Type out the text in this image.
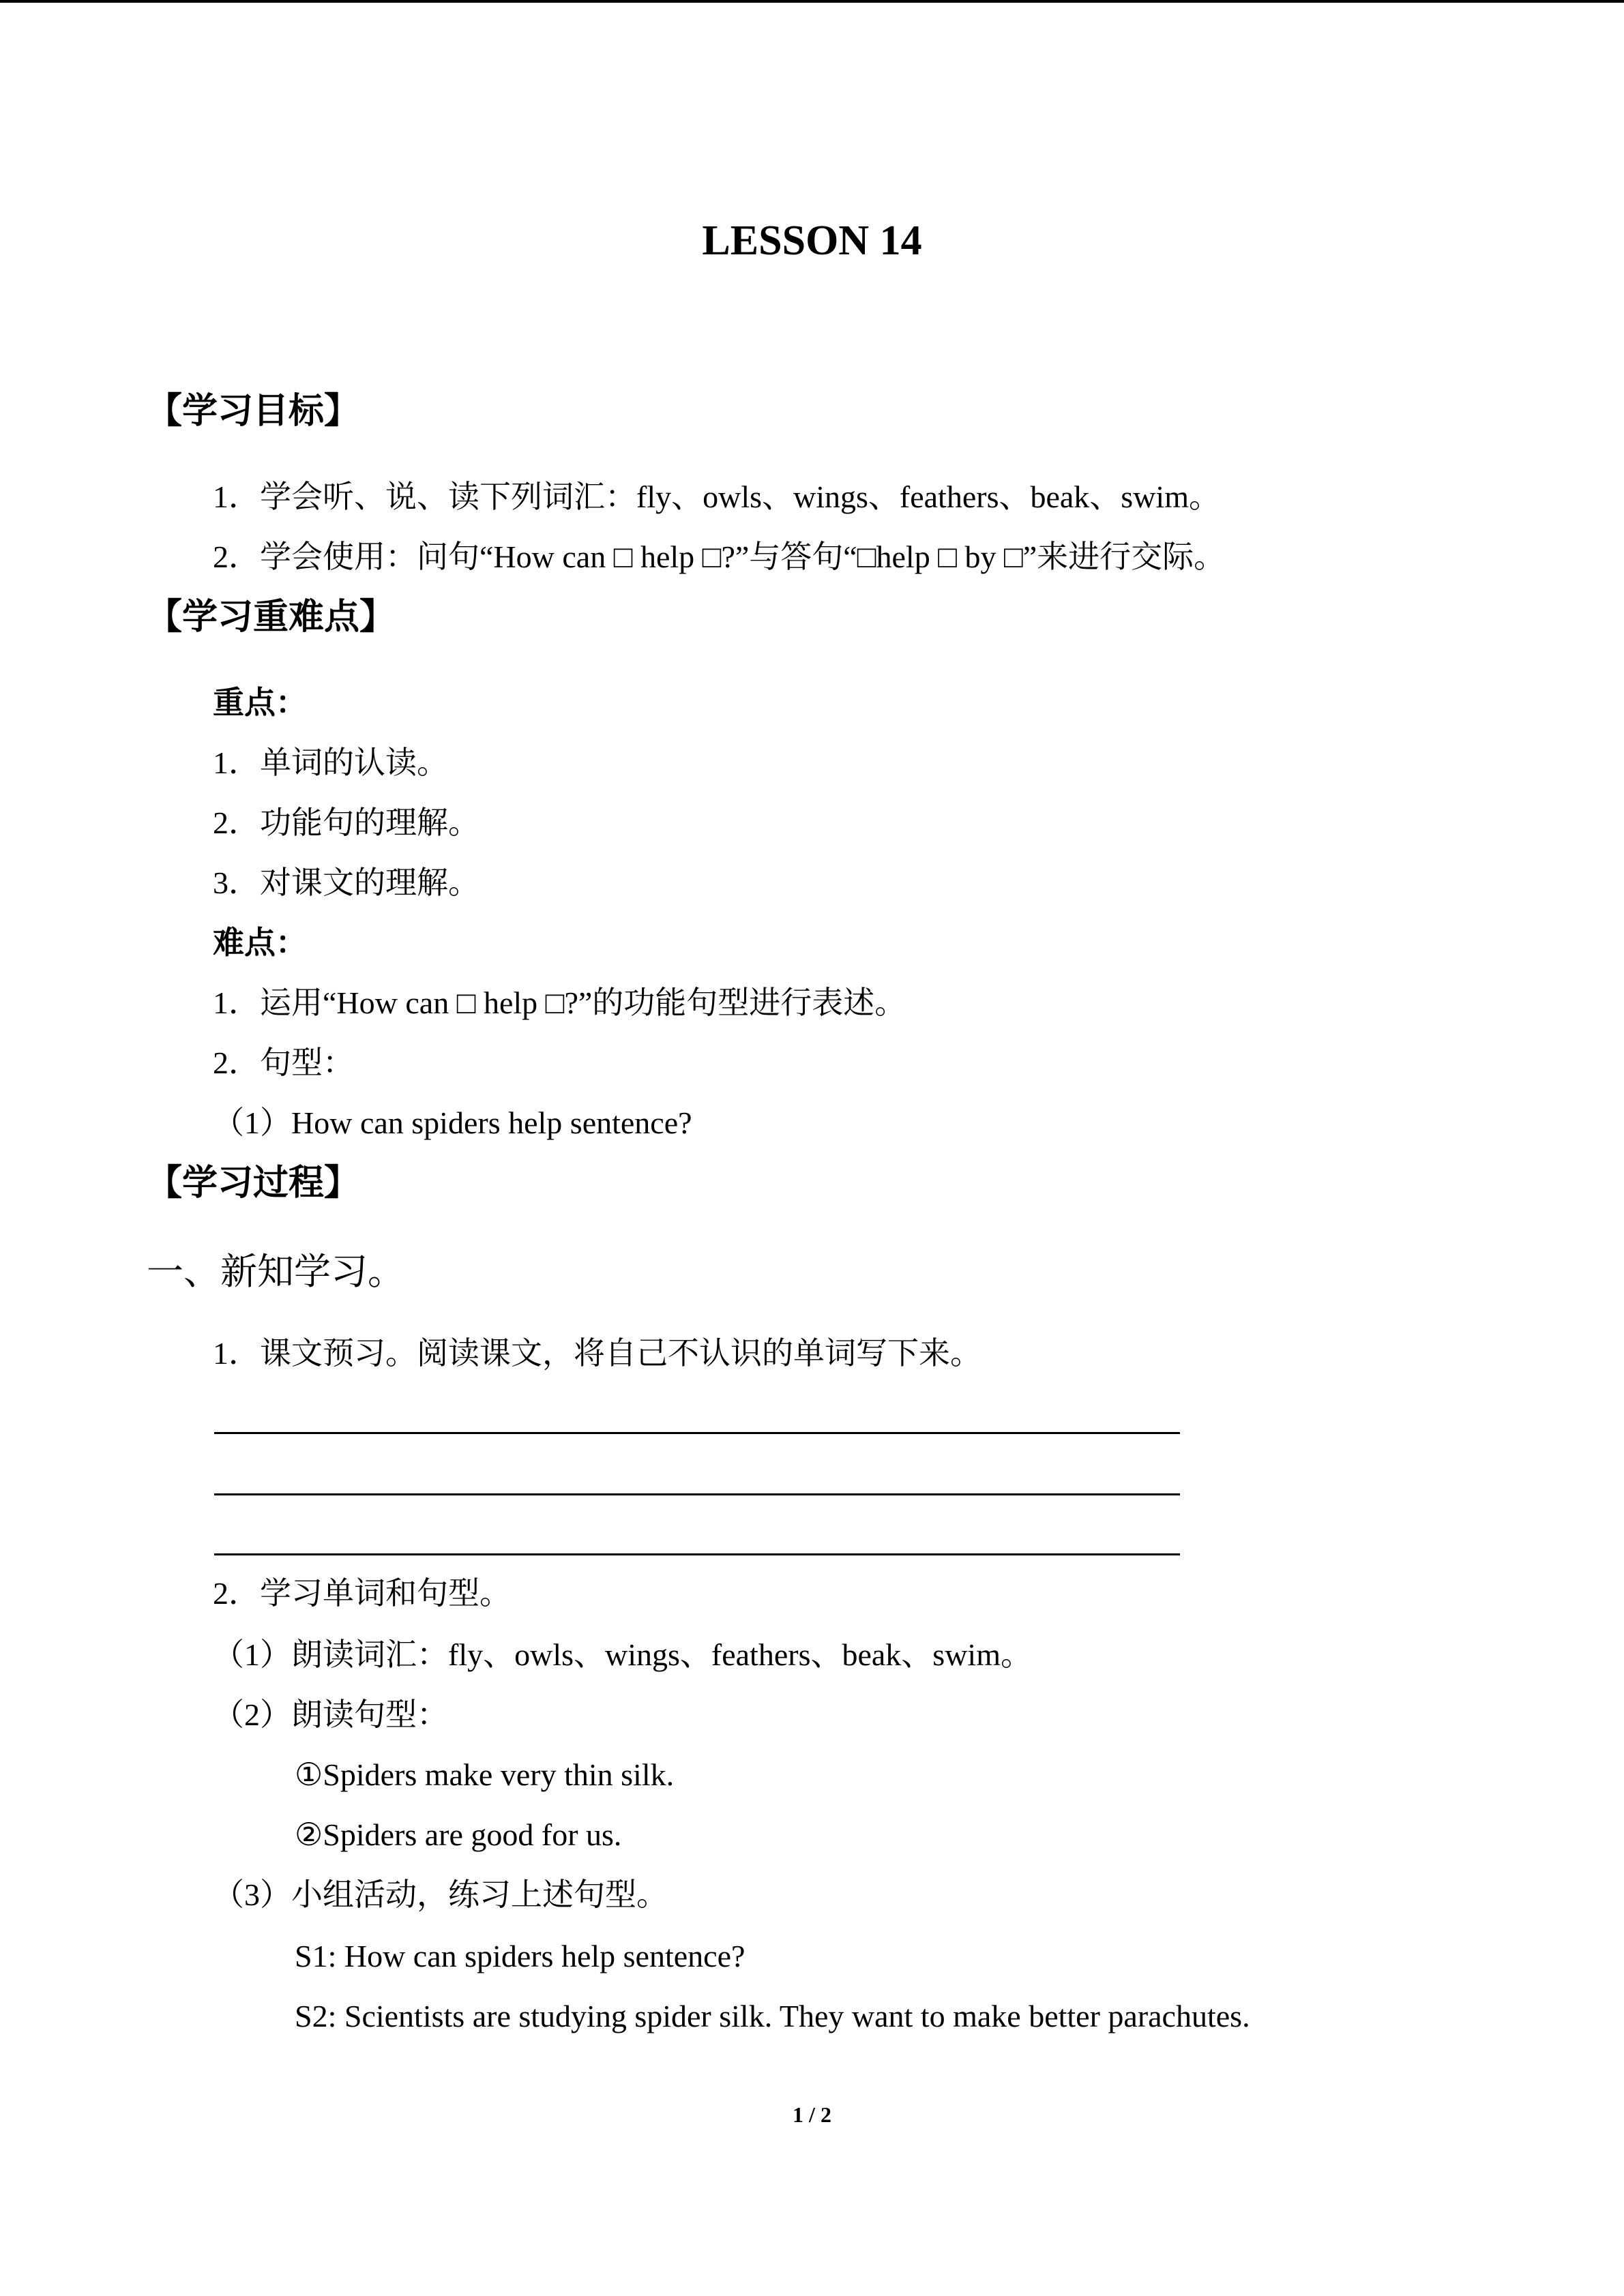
LESSON 14
【学习目标】
1．学会听、说、读下列词汇：fly、owls、wings、feathers、beak、swim。
2．学会使用：问句“How can □ help □?”与答句“□help □ by □”来进行交际。
【学习重难点】
重点：
1．单词的认读。
2．功能句的理解。
3．对课文的理解。
难点：
1．运用“How can □ help □?”的功能句型进行表述。
2．句型：
（1）How can spiders help sentence?
【学习过程】
一、新知学习。
1．课文预习。阅读课文，将自己不认识的单词写下来。
2．学习单词和句型。
（1）朗读词汇：fly、owls、wings、feathers、beak、swim。
（2）朗读句型：
①Spiders make very thin silk.
②Spiders are good for us.
（3）小组活动，练习上述句型。
S1: How can spiders help sentence?
S2: Scientists are studying spider silk. They want to make better parachutes.
1 / 2
